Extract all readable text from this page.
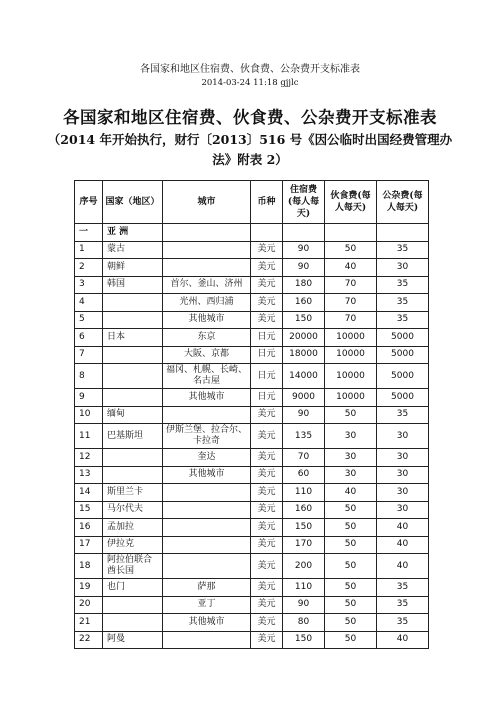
各国家和地区住宿费、伙食费、公杂费开支标准表
2014-03-24 11:18 gjjlc
各国家和地区住宿费、伙食费、公杂费开支标准表
（2014 年开始执行，财行〔2013〕516 号《因公临时出国经费管理办法》附表 2）
序号	国家（地区）	城市	币种	住宿费(每人每天)	伙食费(每人每天)	公杂费(每人每天)
一	亚 洲					
1	蒙古		美元	90	50	35
2	朝鲜		美元	90	40	30
3	韩国	首尔、釜山、济州	美元	180	70	35
4		光州、西归浦	美元	160	70	35
5		其他城市	美元	150	70	35
6	日本	东京	日元	20000	10000	5000
7		大阪、京都	日元	18000	10000	5000
8		福冈、札幌、长崎、名古屋	日元	14000	10000	5000
9		其他城市	日元	9000	10000	5000
10	缅甸		美元	90	50	35
11	巴基斯坦	伊斯兰堡、拉合尔、卡拉奇	美元	135	30	30
12		奎达	美元	70	30	30
13		其他城市	美元	60	30	30
14	斯里兰卡		美元	110	40	30
15	马尔代夫		美元	160	50	30
16	孟加拉		美元	150	50	40
17	伊拉克		美元	170	50	40
18	阿拉伯联合酋长国		美元	200	50	40
19	也门	萨那	美元	110	50	35
20		亚丁	美元	90	50	35
21		其他城市	美元	80	50	35
22	阿曼		美元	150	50	40
